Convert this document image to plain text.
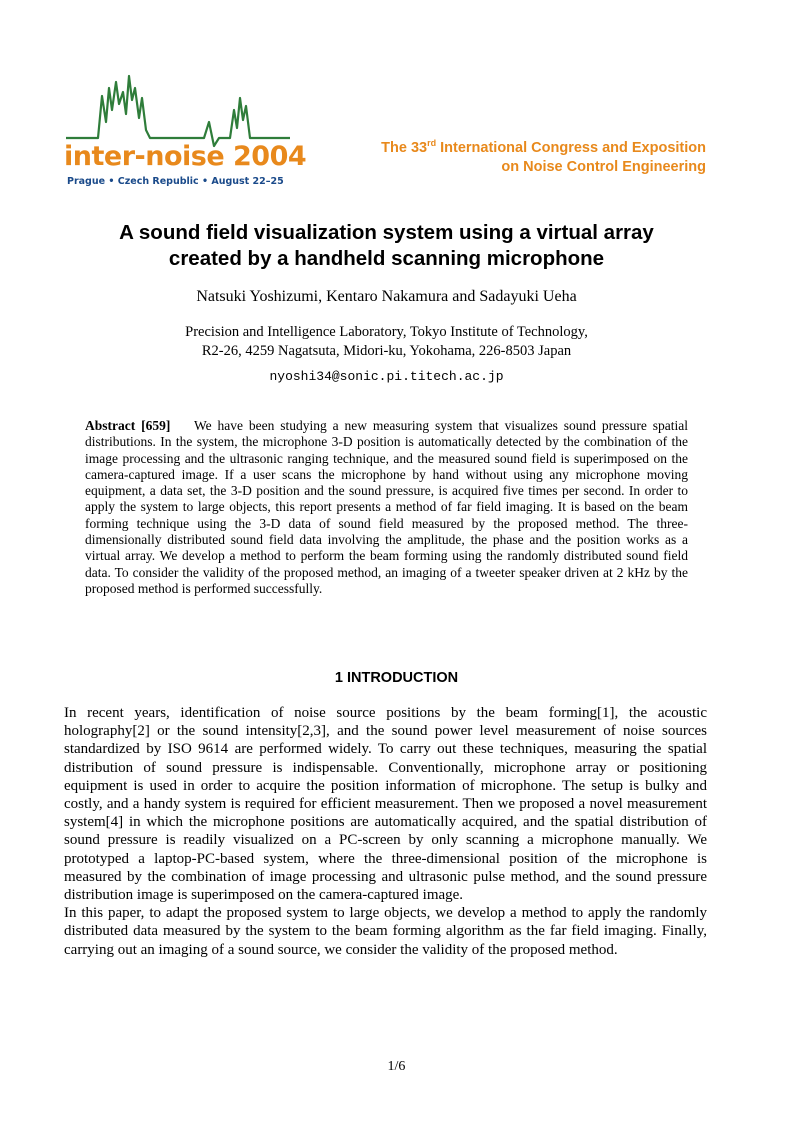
inter-noise 2004
Prague • Czech Republic • August 22–25
The 33rd International Congress and Exposition
on Noise Control Engineering
A sound field visualization system using a virtual array
created by a handheld scanning microphone
Natsuki Yoshizumi, Kentaro Nakamura and Sadayuki Ueha
Precision and Intelligence Laboratory, Tokyo Institute of Technology,
R2-26, 4259 Nagatsuta, Midori-ku, Yokohama, 226-8503 Japan
nyoshi34@sonic.pi.titech.ac.jp
Abstract [659] We have been studying a new measuring system that visualizes sound pressure spatial distributions. In the system, the microphone 3-D position is automatically detected by the combination of the image processing and the ultrasonic ranging technique, and the measured sound field is superimposed on the camera-captured image. If a user scans the microphone by hand without using any microphone moving equipment, a data set, the 3-D position and the sound pressure, is acquired five times per second. In order to apply the system to large objects, this report presents a method of far field imaging. It is based on the beam forming technique using the 3-D data of sound field measured by the proposed method. The three-dimensionally distributed sound field data involving the amplitude, the phase and the position works as a virtual array. We develop a method to perform the beam forming using the randomly distributed sound field data. To consider the validity of the proposed method, an imaging of a tweeter speaker driven at 2 kHz by the proposed method is performed successfully.
1 INTRODUCTION

In recent years, identification of noise source positions by the beam forming[1], the acoustic holography[2] or the sound intensity[2,3], and the sound power level measurement of noise sources standardized by ISO 9614 are performed widely. To carry out these techniques, measuring the spatial distribution of sound pressure is indispensable. Conventionally, microphone array or positioning equipment is used in order to acquire the position information of microphone. The setup is bulky and costly, and a handy system is required for efficient measurement. Then we proposed a novel measurement system[4] in which the microphone positions are automatically acquired, and the spatial distribution of sound pressure is readily visualized on a PC-screen by only scanning a microphone manually. We prototyped a laptop-PC-based system, where the three-dimensional position of the microphone is measured by the combination of image processing and ultrasonic pulse method, and the sound pressure distribution image is superimposed on the camera-captured image.

In this paper, to adapt the proposed system to large objects, we develop a method to apply the randomly distributed data measured by the system to the beam forming algorithm as the far field imaging. Finally, carrying out an imaging of a sound source, we consider the validity of the proposed method.

1/6
